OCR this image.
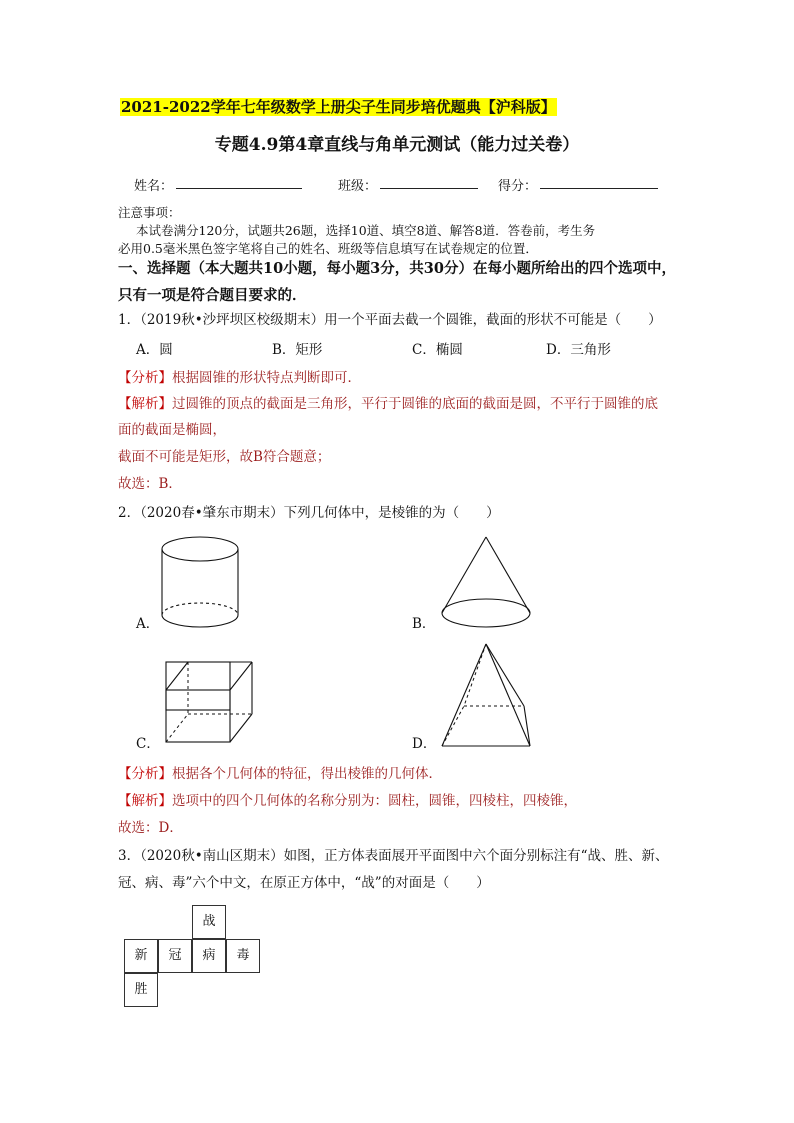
2021-2022学年七年级数学上册尖子生同步培优题典【沪科版】
专题4.9第4章直线与角单元测试（能力过关卷）
姓名：	班级：	得分：
注意事项：
本试卷满分120分，试题共26题，选择10道、填空8道、解答8道．答卷前，考生务
必用0.5毫米黑色签字笔将自己的姓名、班级等信息填写在试卷规定的位置．
一、选择题（本大题共10小题，每小题3分，共30分）在每小题所给出的四个选项中，
只有一项是符合题目要求的．
1．（2019秋•沙坪坝区校级期末）用一个平面去截一个圆锥，截面的形状不可能是（　　）
A．圆	B．矩形	C．椭圆	D．三角形
【分析】根据圆锥的形状特点判断即可．
【解析】过圆锥的顶点的截面是三角形，平行于圆锥的底面的截面是圆，不平行于圆锥的底
面的截面是椭圆，
截面不可能是矩形，故B符合题意；
故选：B．
2．（2020春•肇东市期末）下列几何体中，是棱锥的为（　　）
A．	B．
C．	D．
【分析】根据各个几何体的特征，得出棱锥的几何体．
【解析】选项中的四个几何体的名称分别为：圆柱，圆锥，四棱柱，四棱锥，
故选：D．
3．（2020秋•南山区期末）如图，正方体表面展开平面图中六个面分别标注有“战、胜、新、
冠、病、毒”六个中文，在原正方体中，“战”的对面是（　　）
战
新	冠	病	毒
胜
